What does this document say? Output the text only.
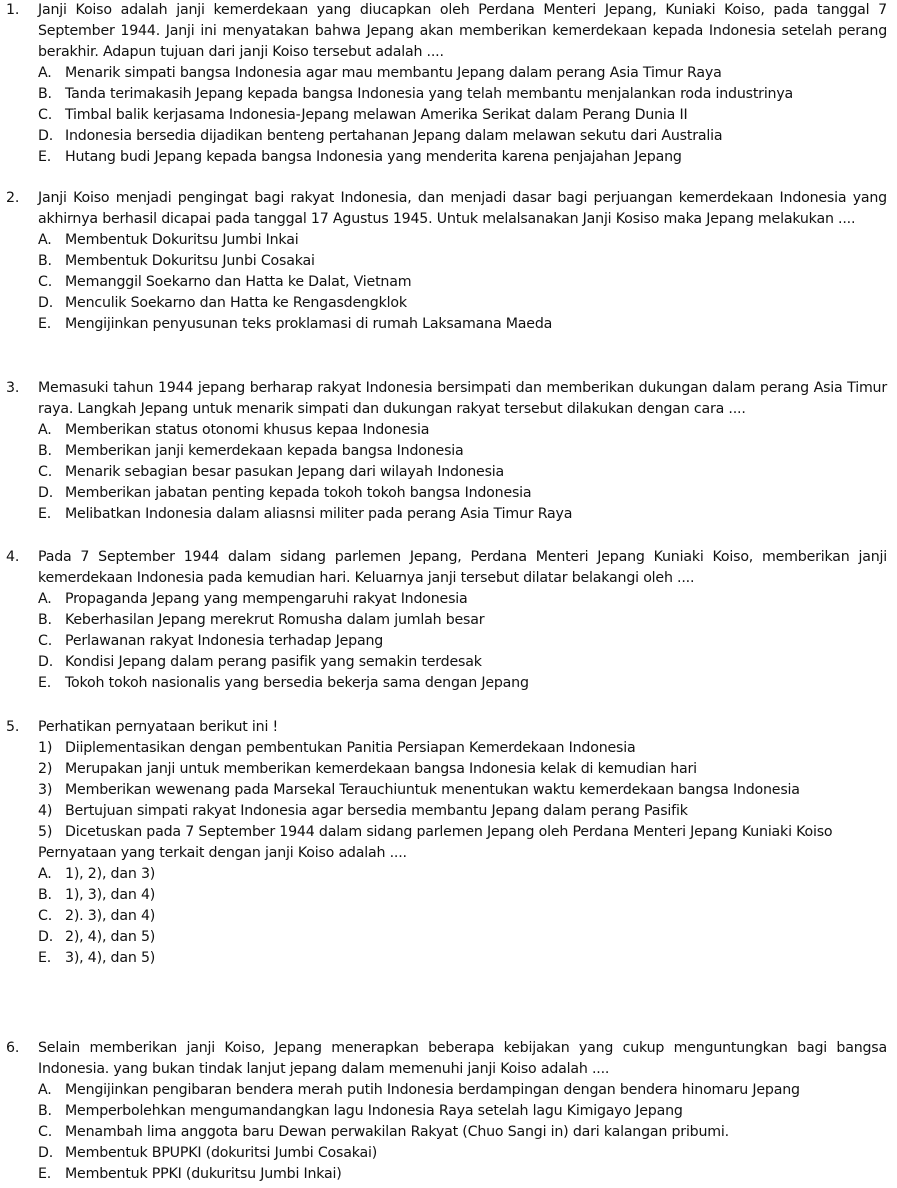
1. Janji Koiso adalah janji kemerdekaan yang diucapkan oleh Perdana Menteri Jepang, Kuniaki Koiso, pada tanggal 7 September 1944. Janji ini menyatakan bahwa Jepang akan memberikan kemerdekaan kepada Indonesia setelah perang berakhir. Adapun tujuan dari janji Koiso tersebut adalah ....
A. Menarik simpati bangsa Indonesia agar mau membantu Jepang dalam perang Asia Timur Raya
B. Tanda terimakasih Jepang kepada bangsa Indonesia yang telah membantu menjalankan roda industrinya
C. Timbal balik kerjasama Indonesia-Jepang melawan Amerika Serikat dalam Perang Dunia II
D. Indonesia bersedia dijadikan benteng pertahanan Jepang dalam melawan sekutu dari Australia
E. Hutang budi Jepang kepada bangsa Indonesia yang menderita karena penjajahan Jepang
2. Janji Koiso menjadi pengingat bagi rakyat Indonesia, dan menjadi dasar bagi perjuangan kemerdekaan Indonesia yang akhirnya berhasil dicapai pada tanggal 17 Agustus 1945. Untuk melalsanakan Janji Kosiso maka Jepang melakukan ....
A. Membentuk Dokuritsu Jumbi Inkai
B. Membentuk Dokuritsu Junbi Cosakai
C. Memanggil Soekarno dan Hatta ke Dalat, Vietnam
D. Menculik Soekarno dan Hatta ke Rengasdengklok
E. Mengijinkan penyusunan teks proklamasi di rumah Laksamana Maeda
3. Memasuki tahun 1944 jepang berharap rakyat Indonesia bersimpati dan memberikan dukungan dalam perang Asia Timur raya. Langkah Jepang untuk menarik simpati dan dukungan rakyat tersebut dilakukan dengan cara ....
A. Memberikan status otonomi khusus kepaa Indonesia
B. Memberikan janji kemerdekaan kepada bangsa Indonesia
C. Menarik sebagian besar pasukan Jepang dari wilayah Indonesia
D. Memberikan jabatan penting kepada tokoh tokoh bangsa Indonesia
E. Melibatkan Indonesia dalam aliasnsi militer pada perang Asia Timur Raya
4. Pada 7 September 1944 dalam sidang parlemen Jepang, Perdana Menteri Jepang Kuniaki Koiso, memberikan janji kemerdekaan Indonesia pada kemudian hari. Keluarnya janji tersebut dilatar belakangi oleh ....
A. Propaganda Jepang yang mempengaruhi rakyat Indonesia
B. Keberhasilan Jepang merekrut Romusha dalam jumlah besar
C. Perlawanan rakyat Indonesia terhadap Jepang
D. Kondisi Jepang dalam perang pasifik yang semakin terdesak
E. Tokoh tokoh nasionalis yang bersedia bekerja sama dengan Jepang
5. Perhatikan pernyataan berikut ini !
1) Diiplementasikan dengan pembentukan Panitia Persiapan Kemerdekaan Indonesia
2) Merupakan janji untuk memberikan kemerdekaan bangsa Indonesia kelak di kemudian hari
3) Memberikan wewenang pada Marsekal Terauchiuntuk menentukan waktu kemerdekaan bangsa Indonesia
4) Bertujuan simpati rakyat Indonesia agar bersedia membantu Jepang dalam perang Pasifik
5) Dicetuskan pada 7 September 1944 dalam sidang parlemen Jepang oleh Perdana Menteri Jepang Kuniaki Koiso
Pernyataan yang terkait dengan janji Koiso adalah ....
A. 1), 2), dan 3)
B. 1), 3), dan 4)
C. 2). 3), dan 4)
D. 2), 4), dan 5)
E. 3), 4), dan 5)
6. Selain memberikan janji Koiso, Jepang menerapkan beberapa kebijakan yang cukup menguntungkan bagi bangsa Indonesia. yang bukan tindak lanjut jepang dalam memenuhi janji Koiso adalah ....
A. Mengijinkan pengibaran bendera merah putih Indonesia berdampingan dengan bendera hinomaru Jepang
B. Memperbolehkan mengumandangkan lagu Indonesia Raya setelah lagu Kimigayo Jepang
C. Menambah lima anggota baru Dewan perwakilan Rakyat (Chuo Sangi in) dari kalangan pribumi.
D. Membentuk BPUPKI (dokuritsi Jumbi Cosakai)
E. Membentuk PPKI (dukuritsu Jumbi Inkai)
